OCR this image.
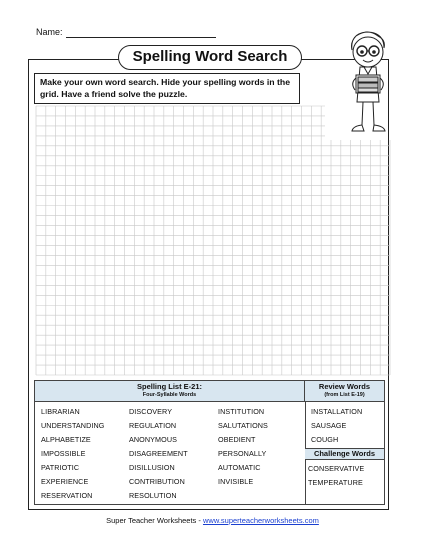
Name:
Spelling Word Search
Make your own word search. Hide your spelling words in the grid. Have a friend solve the puzzle.
Spelling List E-21:
Four-Syllable Words
Review Words
(from List E-19)
Challenge Words
LIBRARIAN
UNDERSTANDING
ALPHABETIZE
IMPOSSIBLE
PATRIOTIC
EXPERIENCE
RESERVATION
DISCOVERY
REGULATION
ANONYMOUS
DISAGREEMENT
DISILLUSION
CONTRIBUTION
RESOLUTION
INSTITUTION
SALUTATIONS
OBEDIENT
PERSONALLY
AUTOMATIC
INVISIBLE
INSTALLATION
SAUSAGE
COUGH
CONSERVATIVE
TEMPERATURE
Super Teacher Worksheets - www.superteacherworksheets.com
